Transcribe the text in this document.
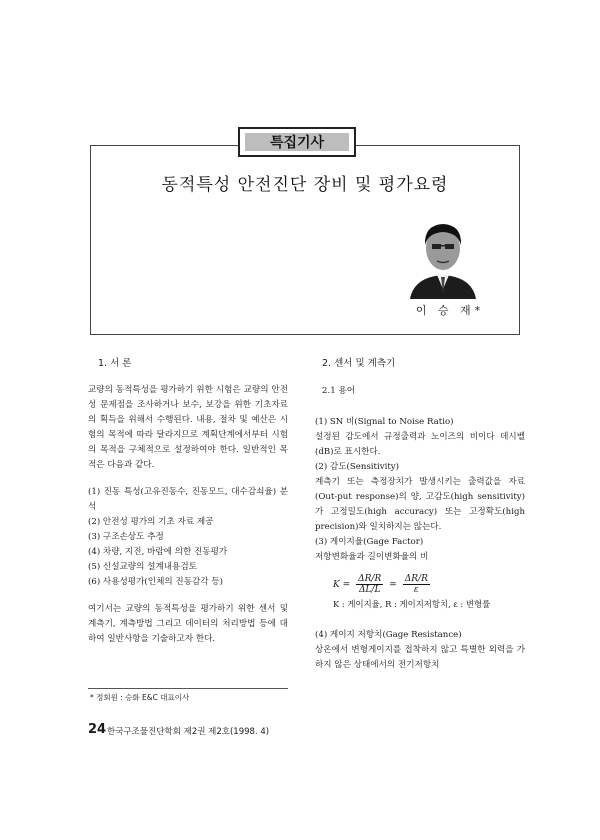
특집기사
동적특성 안전진단 장비 및 평가요령
이 승 재*
1. 서 론

교량의 동적특성을 평가하기 위한 시험은 교량의 안전성 문제점을 조사하거나 보수, 보강을 위한 기초자료의 획득을 위해서 수행된다. 내용, 절차 및 예산은 시험의 목적에 따라 달라지므로 계획단계에서부터 시험의 목적을 구체적으로 설정하여야 한다. 일반적인 목적은 다음과 같다.

(1) 진동 특성(고유진동수, 진동모드, 대수감쇠율) 분석

(2) 안전성 평가의 기초 자료 제공

(3) 구조손상도 추정

(4) 차량, 지진, 바람에 의한 진동평가

(5) 신설교량의 설계내용검토

(6) 사용성평가(인체의 진동감각 등)

여기서는 교량의 동적특성을 평가하기 위한 센서 및 계측기, 계측방법 그리고 데이터의 처리방법 등에 대하여 일반사항을 기술하고자 한다.

2. 센서 및 계측기
2.1 용어

(1) SN 비(Signal to Noise Ratio)

설정된 감도에서 규정출력과 노이즈의 비이다 데시벨(dB)로 표시한다.

(2) 감도(Sensitivity)

계측기 또는 측정장치가 발생시키는 출력값을 자료(Out-put response)의 양, 고감도(high sensitivity)가 고정밀도(high accuracy) 또는 고정확도(high precision)와 일치하지는 않는다.

(3) 게이지율(Gage Factor)

저항변화율과 길이변화율의 비

$K = \frac{\Delta R/R}{\Delta L/L} = \frac{\Delta R/R}{\varepsilon}$
K : 게이지율, R : 게이지저항치, ε : 변형률

(4) 게이지 저항치(Gage Resistance)

상온에서 변형게이지를 접착하지 않고 특별한 외력을 가하지 않은 상태에서의 전기저항치

* 정회원 : 승화 E&C 대표이사
24 한국구조물진단학회 제2권 제2호(1998. 4)
